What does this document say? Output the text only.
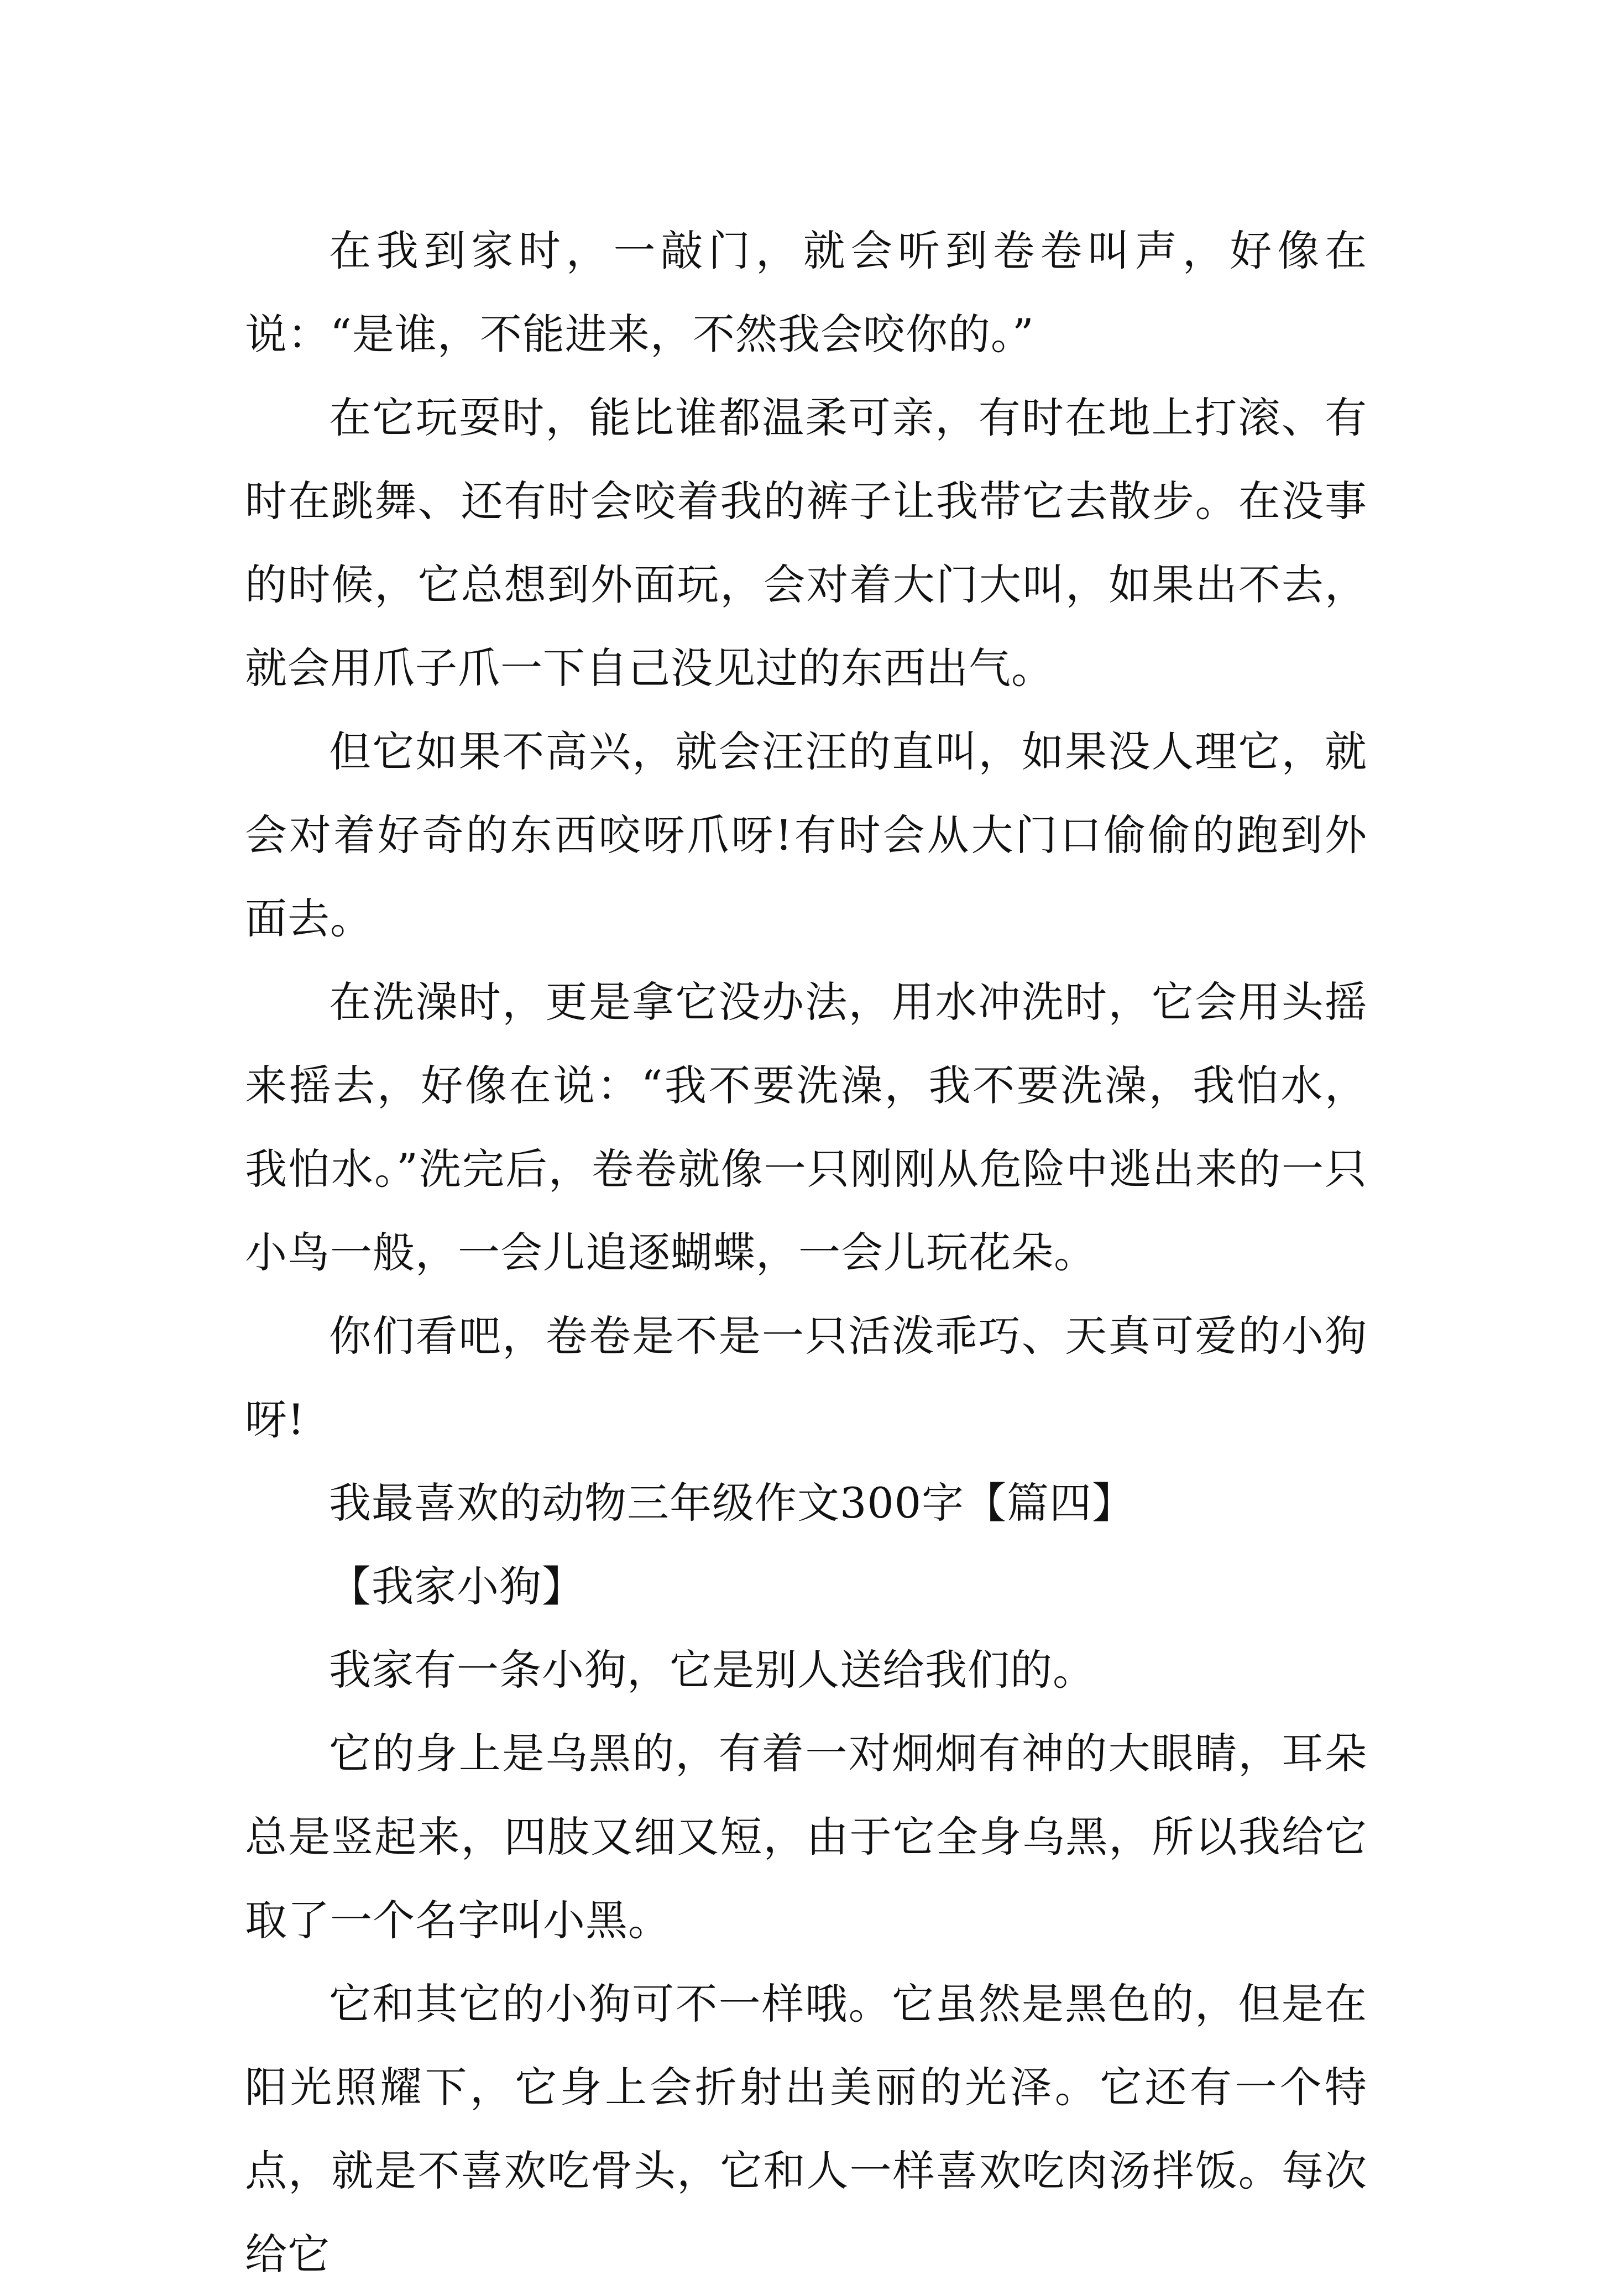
在我到家时，一敲门，就会听到卷卷叫声，好像在说：“是谁，不能进来，不然我会咬你的。”

在它玩耍时，能比谁都温柔可亲，有时在地上打滚、有时在跳舞、还有时会咬着我的裤子让我带它去散步。在没事的时候，它总想到外面玩，会对着大门大叫，如果出不去，就会用爪子爪一下自己没见过的东西出气。

但它如果不高兴，就会汪汪的直叫，如果没人理它，就会对着好奇的东西咬呀爪呀!有时会从大门口偷偷的跑到外面去。

在洗澡时，更是拿它没办法，用水冲洗时，它会用头摇来摇去，好像在说：“我不要洗澡，我不要洗澡，我怕水，我怕水。”洗完后，卷卷就像一只刚刚从危险中逃出来的一只小鸟一般，一会儿追逐蝴蝶，一会儿玩花朵。

你们看吧，卷卷是不是一只活泼乖巧、天真可爱的小狗呀!

我最喜欢的动物三年级作文300字【篇四】

【我家小狗】

我家有一条小狗，它是别人送给我们的。

它的身上是乌黑的，有着一对炯炯有神的大眼睛，耳朵总是竖起来，四肢又细又短，由于它全身乌黑，所以我给它取了一个名字叫小黑。

它和其它的小狗可不一样哦。它虽然是黑色的，但是在阳光照耀下，它身上会折射出美丽的光泽。它还有一个特点，就是不喜欢吃骨头，它和人一样喜欢吃肉汤拌饭。每次给它
